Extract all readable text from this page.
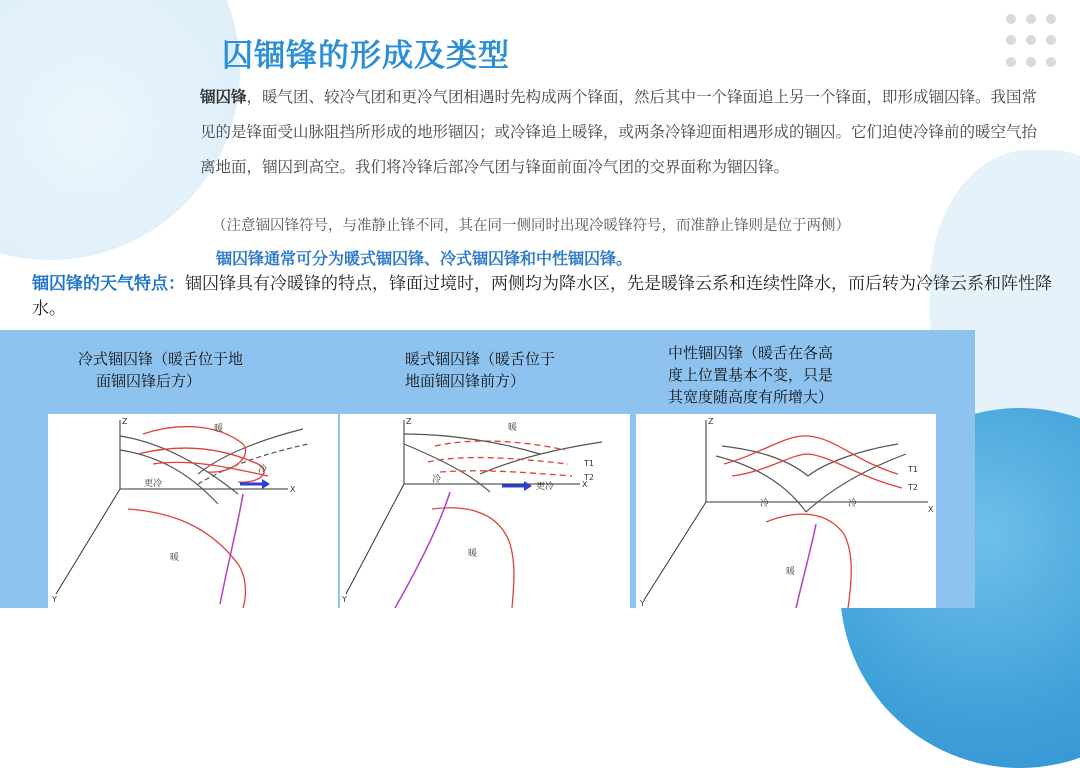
囚锢锋的形成及类型
锢囚锋，暖气团、较冷气团和更冷气团相遇时先构成两个锋面，然后其中一个锋面追上另一个锋面，即形成锢囚锋。我国常见的是锋面受山脉阻挡所形成的地形锢囚；或冷锋追上暖锋，或两条冷锋迎面相遇形成的锢囚。它们迫使冷锋前的暖空气抬离地面，锢囚到高空。我们将冷锋后部冷气团与锋面前面冷气团的交界面称为锢囚锋。
（注意锢囚锋符号，与准静止锋不同，其在同一侧同时出现冷暖锋符号，而准静止锋则是位于两侧）
锢囚锋通常可分为暖式锢囚锋、冷式锢囚锋和中性锢囚锋。
锢囚锋的天气特点：锢囚锋具有冷暖锋的特点，锋面过境时，两侧均为降水区，先是暖锋云系和连续性降水，而后转为冷锋云系和阵性降水。
冷式锢囚锋（暖舌位于地
面锢囚锋后方）
暖式锢囚锋（暖舌位于
地面锢囚锋前方）
中性锢囚锋（暖舌在各高
度上位置基本不变，只是
其宽度随高度有所增大）
Z
X
Y
暖
冷
更冷
暖
Z
X
Y
暖
冷
更冷
暖
T1
T2
Z
X
Y
冷	冷
暖
T1
T2
